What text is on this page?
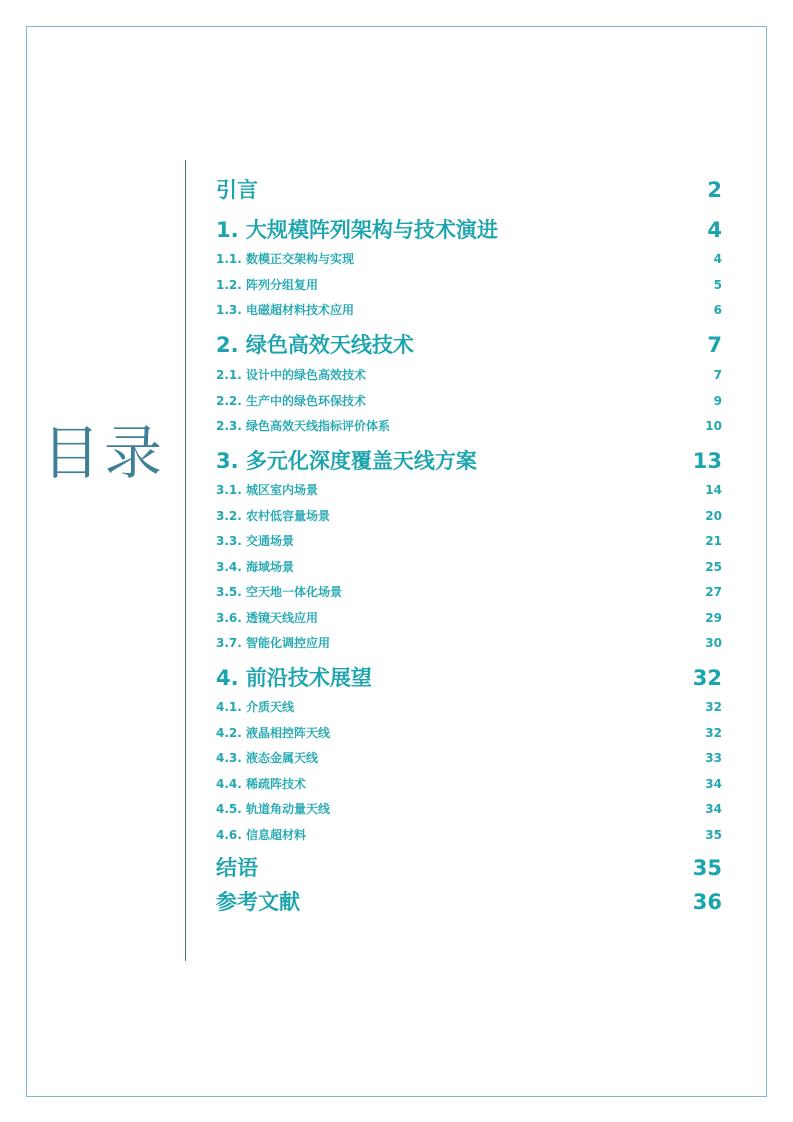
目录
引言	2
1. 大规模阵列架构与技术演进	4
1.1. 数模正交架构与实现	4
1.2. 阵列分组复用	5
1.3. 电磁超材料技术应用	6
2. 绿色高效天线技术	7
2.1. 设计中的绿色高效技术	7
2.2. 生产中的绿色环保技术	9
2.3. 绿色高效天线指标评价体系	10
3. 多元化深度覆盖天线方案	13
3.1. 城区室内场景	14
3.2. 农村低容量场景	20
3.3. 交通场景	21
3.4. 海域场景	25
3.5. 空天地一体化场景	27
3.6. 透镜天线应用	29
3.7. 智能化调控应用	30
4. 前沿技术展望	32
4.1. 介质天线	32
4.2. 液晶相控阵天线	32
4.3. 液态金属天线	33
4.4. 稀疏阵技术	34
4.5. 轨道角动量天线	34
4.6. 信息超材料	35
结语	35
参考文献	36
